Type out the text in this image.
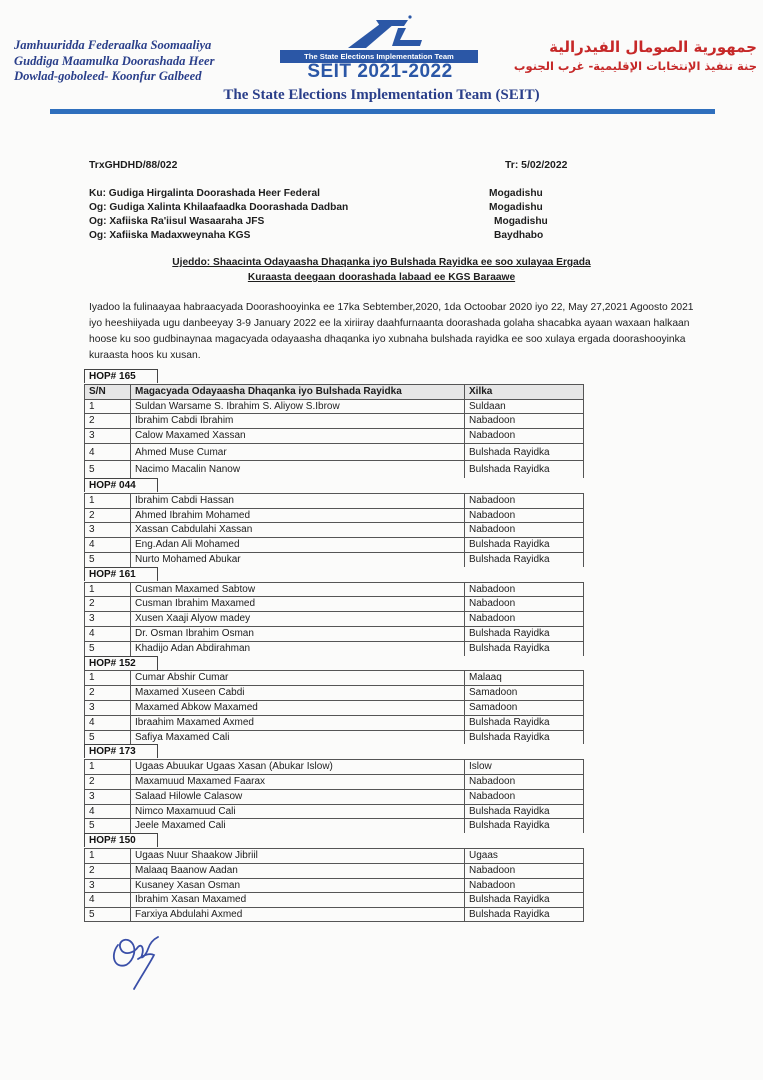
Jamhuuridda Federaalka Soomaaliya
Guddiga Maamulka Doorashada Heer
Dowlad-goboleed- Koonfur Galbeed
The State Elections Implementation Team
SEIT 2021-2022
جمهورية الصومال الفيدرالية
جنة تنفيذ الإنتخابات الإقليمية- غرب الجنوب
The State Elections Implementation Team (SEIT)
TrxGHDHD/88/022	Tr: 5/02/2022
Ku: Gudiga Hirgalinta Doorashada Heer Federal	Mogadishu
Og: Gudiga Xalinta Khilaafaadka Doorashada Dadban	Mogadishu
Og: Xafiiska Ra'iisul Wasaaraha JFS	Mogadishu
Og: Xafiiska Madaxweynaha KGS	Baydhabo
Ujeddo: Shaacinta Odayaasha Dhaqanka iyo Bulshada Rayidka ee soo xulayaa Ergada
Kuraasta deegaan doorashada labaad ee KGS Baraawe
Iyadoo la fulinaayaa habraacyada Doorashooyinka ee 17ka Sebtember,2020, 1da Octoobar 2020 iyo 22, May 27,2021 Agoosto 2021 iyo heeshiiyada ugu danbeeyay 3-9 January 2022 ee la xiriiray daahfurnaanta doorashada golaha shacabka ayaan waxaan halkaan hoose ku soo gudbinaynaa magacyada odayaasha dhaqanka iyo xubnaha bulshada rayidka ee soo xulaya ergada doorashooyinka kuraasta hoos ku xusan.
HOP# 165
S/N	Magacyada Odayaasha Dhaqanka iyo Bulshada Rayidka	Xilka
1	Suldan Warsame S. Ibrahim S. Aliyow S.Ibrow	Suldaan
2	Ibrahim Cabdi Ibrahim	Nabadoon
3	Calow Maxamed Xassan	Nabadoon
4	Ahmed Muse Cumar	Bulshada Rayidka
5	Nacimo Macalin Nanow	Bulshada Rayidka
HOP# 044
1	Ibrahim Cabdi Hassan	Nabadoon
2	Ahmed Ibrahim Mohamed	Nabadoon
3	Xassan Cabdulahi Xassan	Nabadoon
4	Eng.Adan Ali Mohamed	Bulshada Rayidka
5	Nurto Mohamed Abukar	Bulshada Rayidka
HOP# 161
1	Cusman Maxamed Sabtow	Nabadoon
2	Cusman Ibrahim Maxamed	Nabadoon
3	Xusen Xaaji Alyow madey	Nabadoon
4	Dr. Osman Ibrahim Osman	Bulshada Rayidka
5	Khadijo Adan Abdirahman	Bulshada Rayidka
HOP# 152
1	Cumar Abshir Cumar	Malaaq
2	Maxamed Xuseen Cabdi	Samadoon
3	Maxamed Abkow Maxamed	Samadoon
4	Ibraahim Maxamed Axmed	Bulshada Rayidka
5	Safiya Maxamed Cali	Bulshada Rayidka
HOP# 173
1	Ugaas Abuukar Ugaas Xasan (Abukar Islow)	Islow
2	Maxamuud Maxamed Faarax	Nabadoon
3	Salaad Hilowle Calasow	Nabadoon
4	Nimco Maxamuud Cali	Bulshada Rayidka
5	Jeele Maxamed Cali	Bulshada Rayidka
HOP# 150
1	Ugaas Nuur Shaakow Jibriil	Ugaas
2	Malaaq Baanow Aadan	Nabadoon
3	Kusaney Xasan Osman	Nabadoon
4	Ibrahim Xasan Maxamed	Bulshada Rayidka
5	Farxiya Abdulahi Axmed	Bulshada Rayidka
